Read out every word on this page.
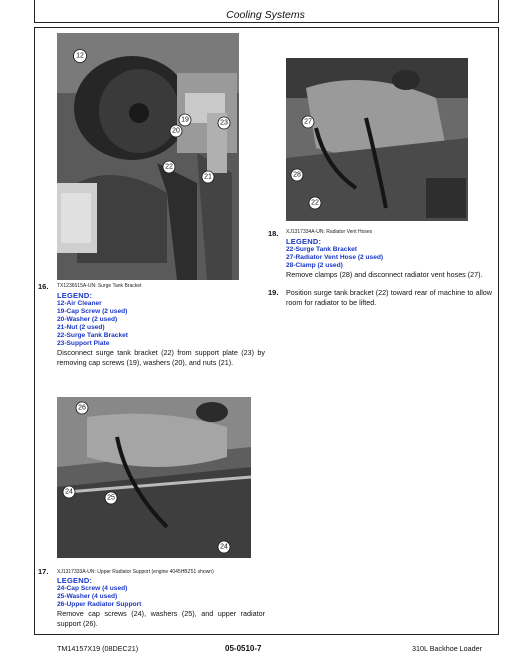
Cooling Systems
12
19
20
23
22
21
TX1236515A-UN: Surge Tank Bracket
16.
LEGEND:
12-Air Cleaner
19-Cap Screw (2 used)
20-Washer (2 used)
21-Nut (2 used)
22-Surge Tank Bracket
23-Support Plate
Disconnect surge tank bracket (22) from support plate (23) by removing cap screws (19), washers (20), and nuts (21).
27
28
22
XJ1317334A-UN: Radiator Vent Hoses
18.
LEGEND:
22-Surge Tank Bracket
27-Radiator Vent Hose (2 used)
28-Clamp (2 used)
Remove clamps (28) and disconnect radiator vent hoses (27).
19. Position surge tank bracket (22) toward rear of machine to allow room for radiator to be lifted.
26
24
25
24
XJ1317333A-UN: Upper Radiator Support (engine 4045HBZ51 shown)
17.
LEGEND:
24-Cap Screw (4 used)
25-Washer (4 used)
26-Upper Radiator Support
Remove cap screws (24), washers (25), and upper radiator support (26).
TM14157X19 (08DEC21)	05-0510-7	310L Backhoe Loader
